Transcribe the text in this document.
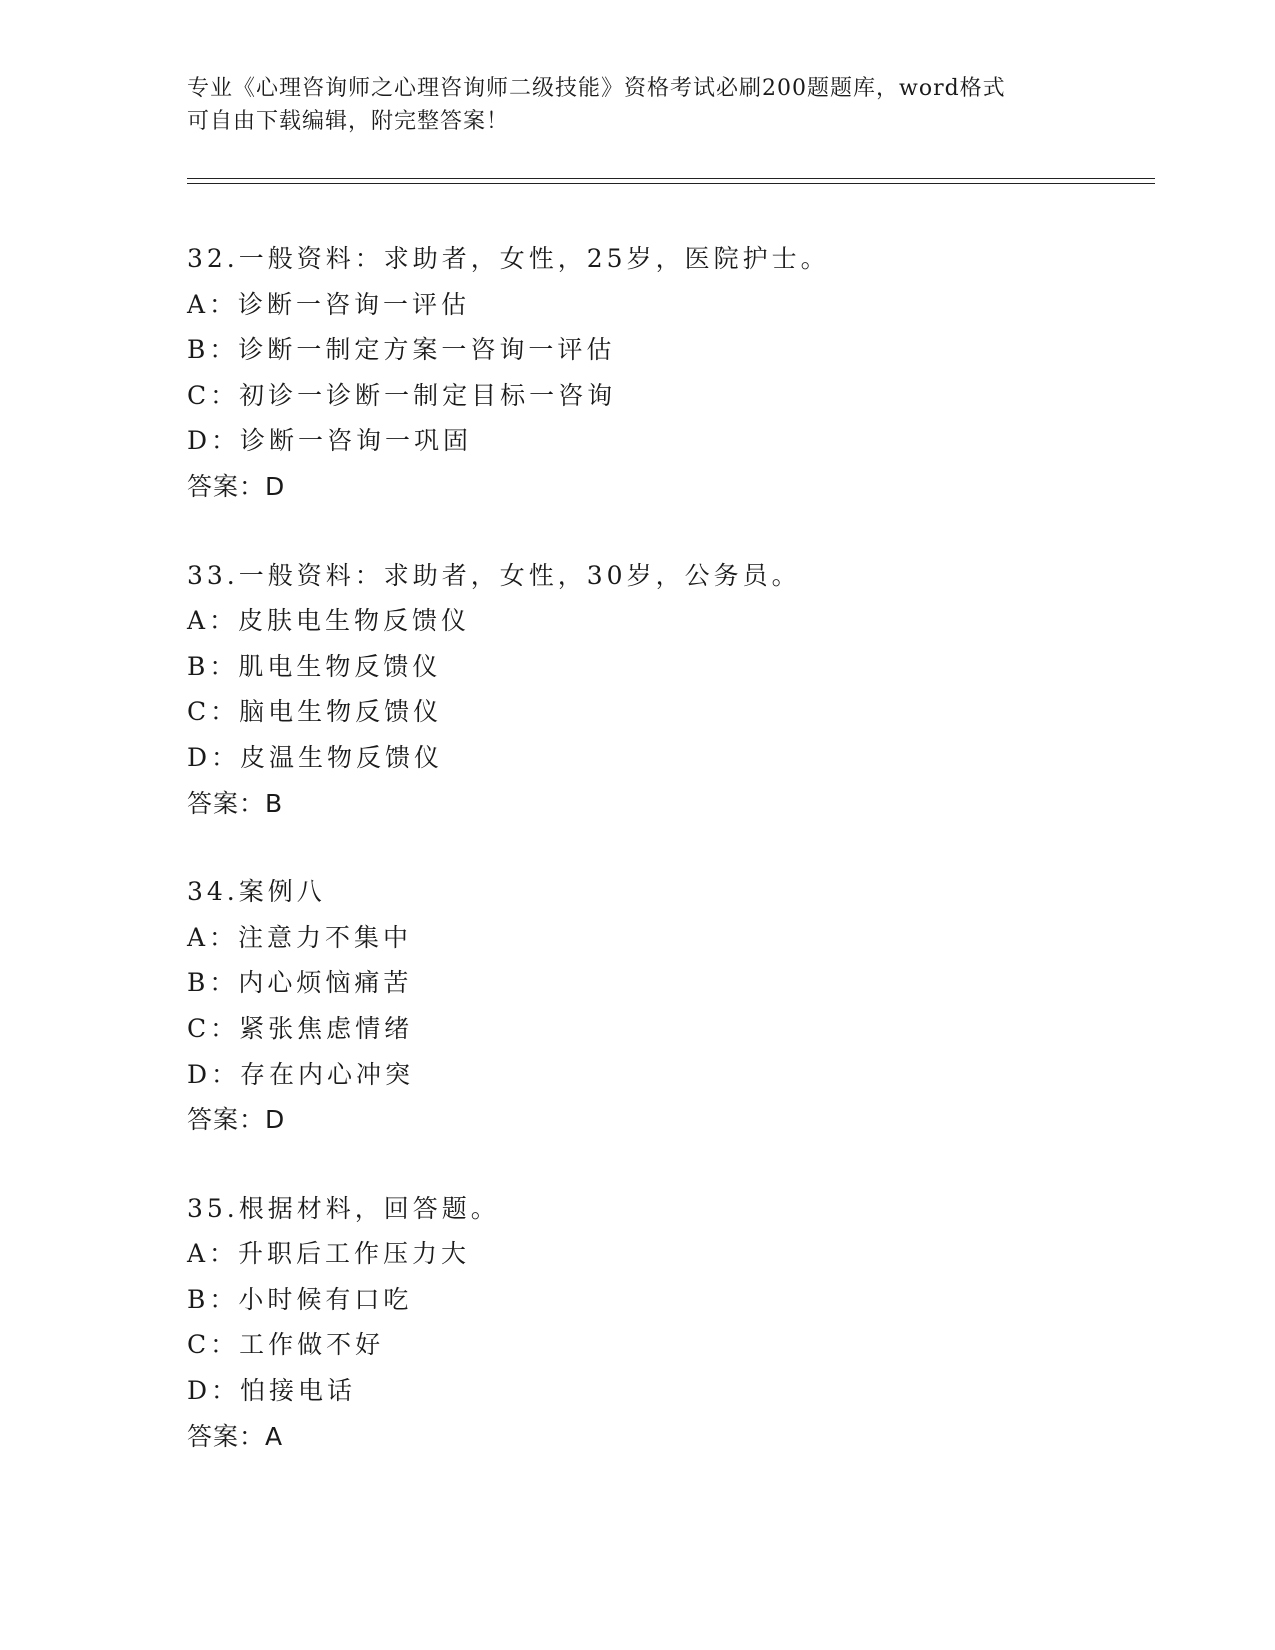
专业《心理咨询师之心理咨询师二级技能》资格考试必刷200题题库，word格式
可自由下载编辑，附完整答案！
32.一般资料：求助者，女性，25岁，医院护士。
A：诊断一咨询一评估
B：诊断一制定方案一咨询一评估
C：初诊一诊断一制定目标一咨询
D：诊断一咨询一巩固
答案：D
33.一般资料：求助者，女性，30岁，公务员。
A：皮肤电生物反馈仪
B：肌电生物反馈仪
C：脑电生物反馈仪
D：皮温生物反馈仪
答案：B
34.案例八
A：注意力不集中
B：内心烦恼痛苦
C：紧张焦虑情绪
D：存在内心冲突
答案：D
35.根据材料，回答题。
A：升职后工作压力大
B：小时候有口吃
C：工作做不好
D：怕接电话
答案：A
